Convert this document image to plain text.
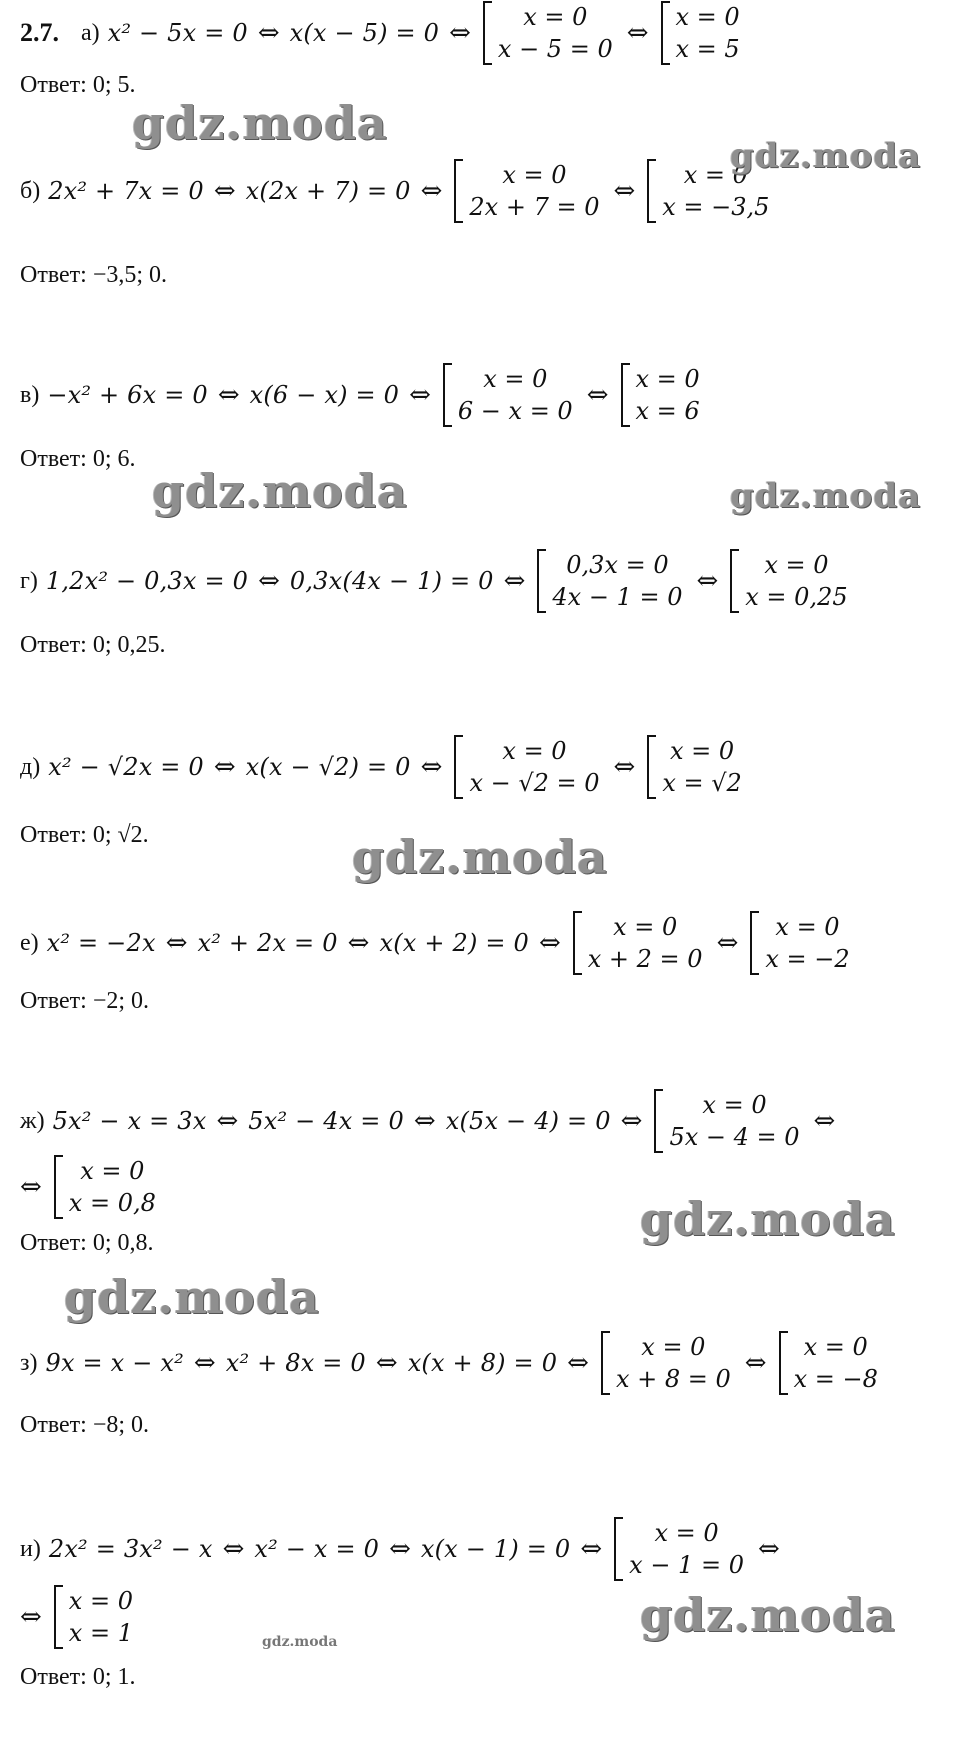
2.7. а) x² − 5x = 0 ⇔ x(x − 5) = 0 ⇔
x = 0
x − 5 = 0
⇔
x = 0
x = 5
Ответ: 0; 5.
б) 2x² + 7x = 0 ⇔ x(2x + 7) = 0 ⇔
x = 0
2x + 7 = 0
⇔
x = 0
x = −3,5
Ответ: −3,5; 0.
в) −x² + 6x = 0 ⇔ x(6 − x) = 0 ⇔
x = 0
6 − x = 0
⇔
x = 0
x = 6
Ответ: 0; 6.
г) 1,2x² − 0,3x = 0 ⇔ 0,3x(4x − 1) = 0 ⇔
0,3x = 0
4x − 1 = 0
⇔
x = 0
x = 0,25
Ответ: 0; 0,25.
д) x² − √2x = 0 ⇔ x(x − √2) = 0 ⇔
x = 0
x − √2 = 0
⇔
x = 0
x = √2
Ответ: 0; √2.
е) x² = −2x ⇔ x² + 2x = 0 ⇔ x(x + 2) = 0 ⇔
x = 0
x + 2 = 0
⇔
x = 0
x = −2
Ответ: −2; 0.
ж) 5x² − x = 3x ⇔ 5x² − 4x = 0 ⇔ x(5x − 4) = 0 ⇔
x = 0
5x − 4 = 0
⇔
⇔
x = 0
x = 0,8
Ответ: 0; 0,8.
з) 9x = x − x² ⇔ x² + 8x = 0 ⇔ x(x + 8) = 0 ⇔
x = 0
x + 8 = 0
⇔
x = 0
x = −8
Ответ: −8; 0.
и) 2x² = 3x² − x ⇔ x² − x = 0 ⇔ x(x − 1) = 0 ⇔
x = 0
x − 1 = 0
⇔
⇔
x = 0
x = 1
Ответ: 0; 1.
gdz.moda
gdz.moda
gdz.moda	gdz.moda
gdz.moda
gdz.moda
gdz.moda
gdz.moda
gdz.moda
